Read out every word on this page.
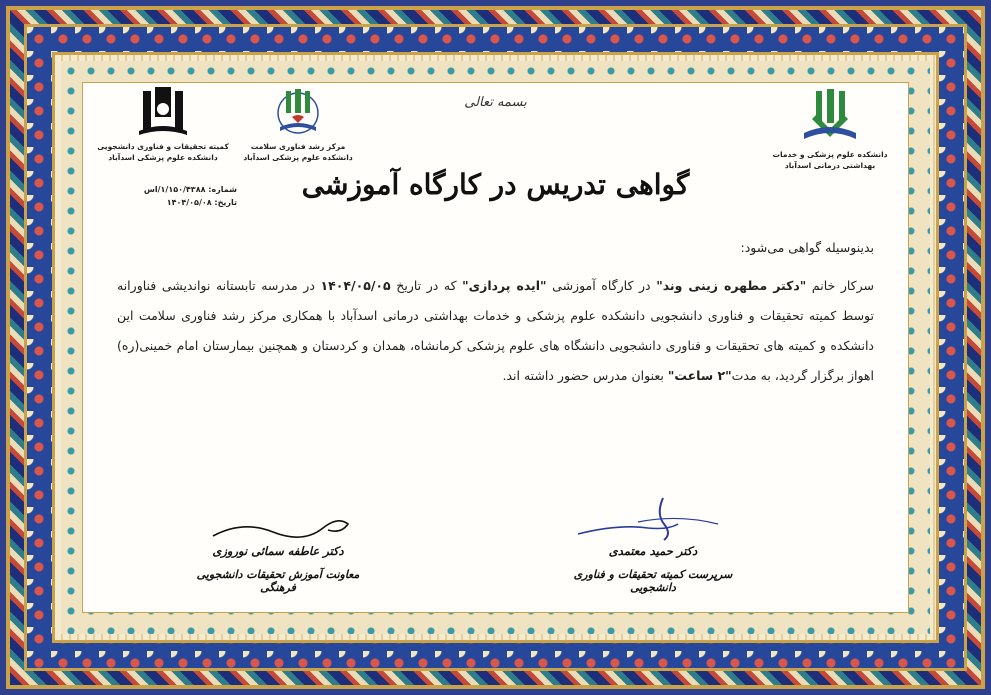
بسمه تعالی
کمیته تحقیقات و فناوری دانشجویی
دانشکده علوم پزشکی اسدآباد
شماره: ۱/۱۵۰/۴۳۸۸/اس
تاریخ: ۱۴۰۴/۰۵/۰۸
مرکز رشد فناوری سلامت
دانشکده علوم پزشکی اسدآباد	دانشکده علوم پزشکی و خدمات
بهداشتی درمانی اسدآباد
گواهی تدریس در کارگاه آموزشی

بدینوسیله گواهی می‌شود:

سرکار خانم "دکتر مطهره زینی وند" در کارگاه آموزشی "ایده پردازی" که در تاریخ ۱۴۰۴/۰۵/۰۵ در مدرسه تابستانه نواندیشی فناورانه توسط کمیته تحقیقات و فناوری دانشجویی دانشکده علوم پزشکی و خدمات بهداشتی درمانی اسدآباد با همکاری مرکز رشد فناوری سلامت این دانشکده و کمیته های تحقیقات و فناوری دانشجویی دانشگاه های علوم پزشکی کرمانشاه، همدان و کردستان و همچنین بیمارستان امام خمینی(ره) اهواز برگزار گردید، به مدت"۲ ساعت" بعنوان مدرس حضور داشته اند.

دکتر عاطفه سمائی نوروزی
معاونت آموزش تحقیقات دانشجویی فرهنگی
دکتر حمید معتمدی
سرپرست کمیته تحقیقات و فناوری دانشجویی
